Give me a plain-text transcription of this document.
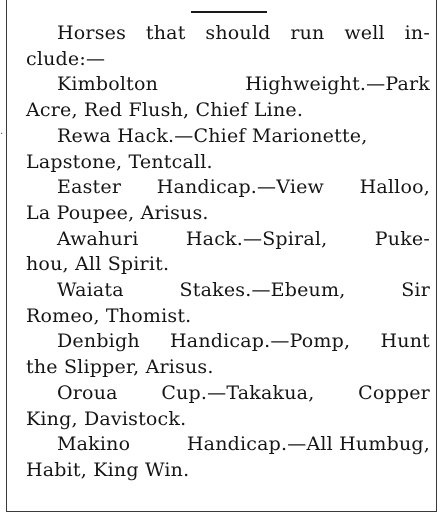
Horses that should run well in-
clude:—
Kimbolton	Highweight.—Park
Acre, Red Flush, Chief Line.
Rewa Hack.—Chief Marionette,
Lapstone, Tentcall.
Easter Handicap.—View Halloo,
La Poupee, Arisus.
Awahuri Hack.—Spiral, Puke-
hou, All Spirit.
Waiata	Stakes.—Ebeum,	Sir
Romeo, Thomist.
Denbigh Handicap.—Pomp, Hunt
the Slipper, Arisus.
Oroua Cup.—Takakua, Copper
King, Davistock.
Makino	Handicap.—All Humbug,
Habit, King Win.
.
